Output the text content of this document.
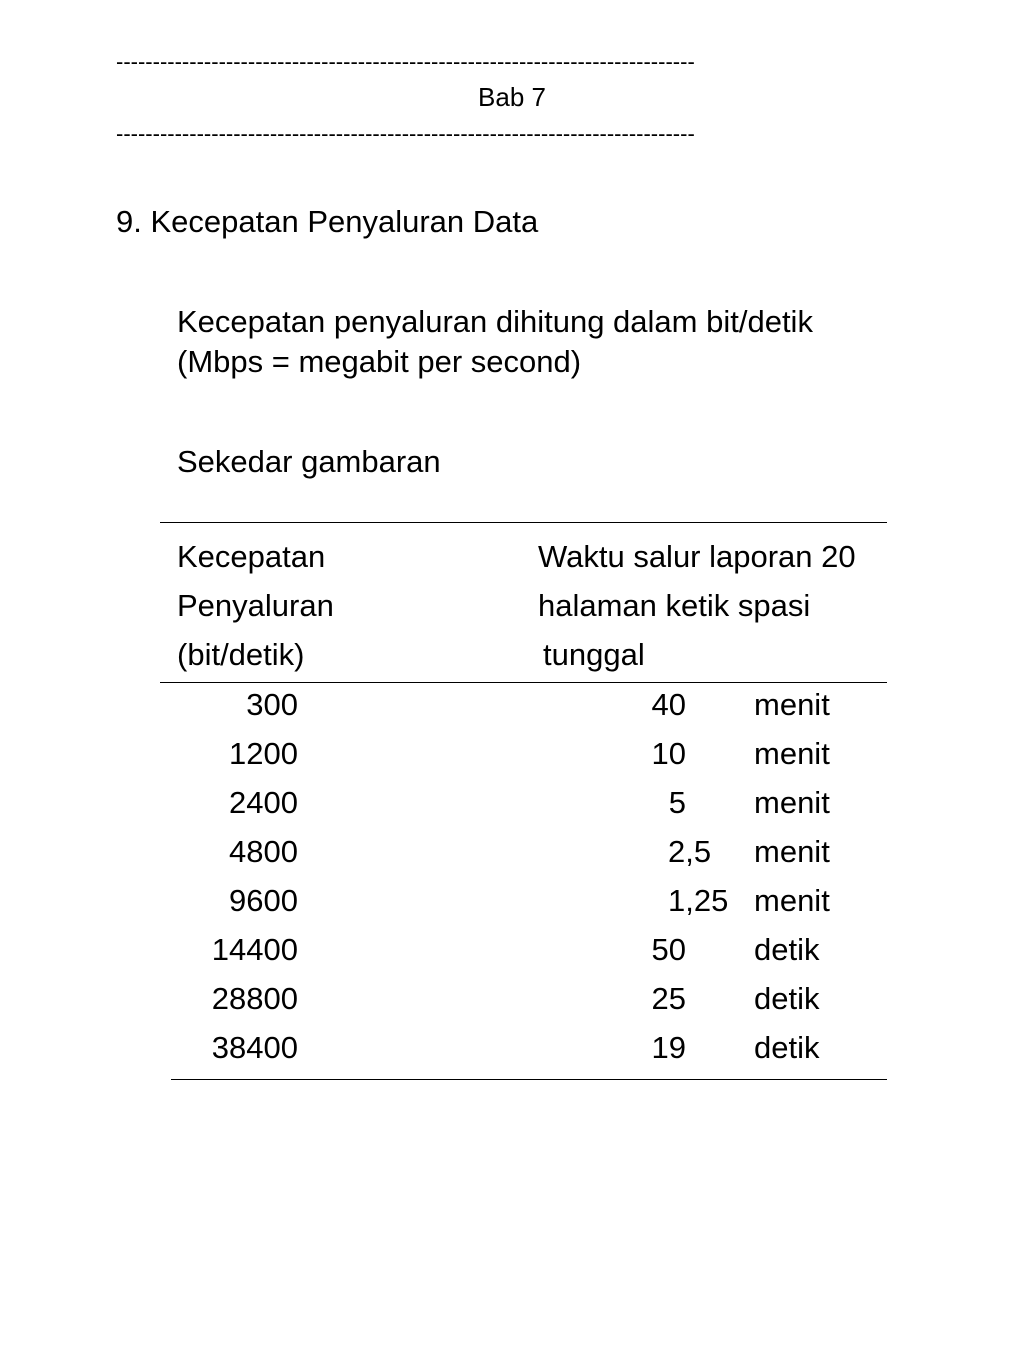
-------------------------------------------------------------------------------
Bab 7
-------------------------------------------------------------------------------
9. Kecepatan Penyaluran Data
Kecepatan penyaluran dihitung dalam bit/detik
(Mbps = megabit per second)
Sekedar gambaran
Kecepatan
Penyaluran
(bit/detik)
Waktu salur laporan 20
halaman ketik spasi
tunggal
300	40 menit
1200	10 menit
2400	5 menit
4800	2,5	menit
9600	1,25 menit
14400	50 detik
28800	25 detik
38400	19 detik
